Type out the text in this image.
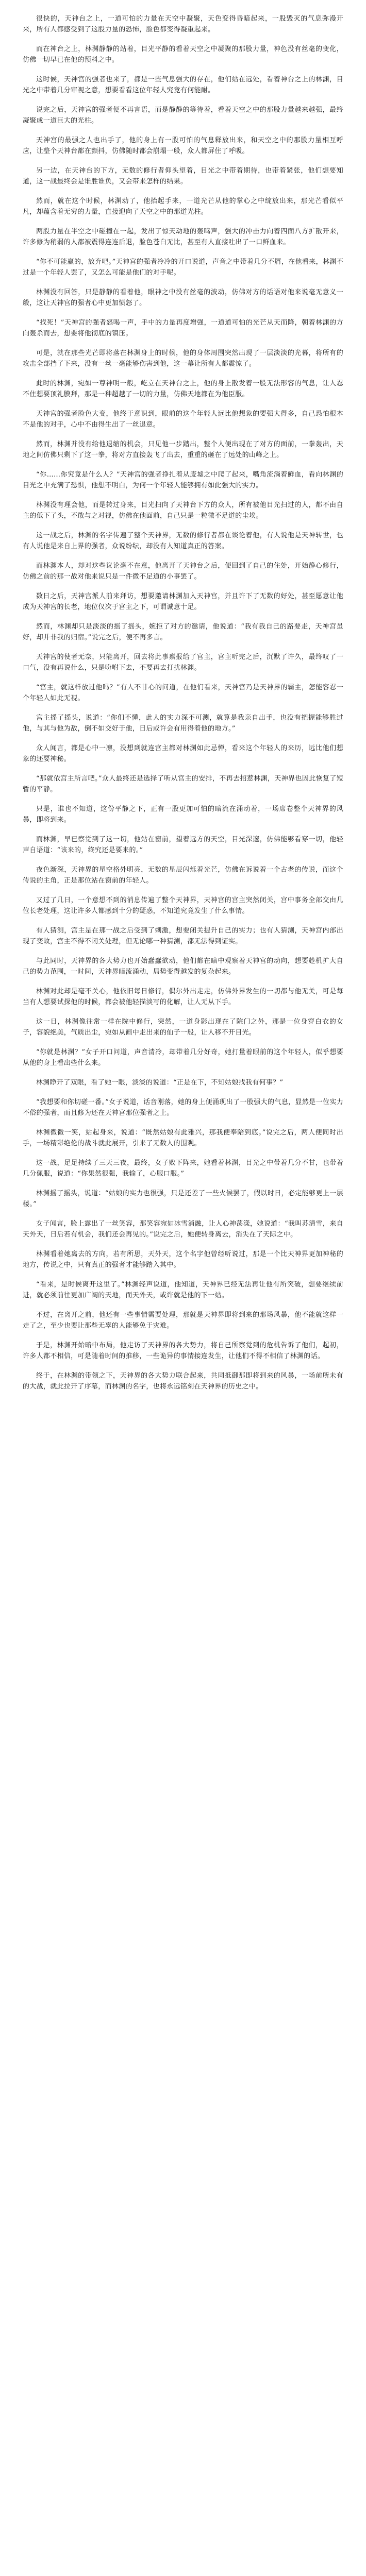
很快的，天神台之上，一道可怕的力量在天空中凝聚，天色变得昏暗起来，一股毁灭的气息弥漫开来，所有人都感受到了这股力量的恐怖，脸色都变得凝重起来。

而在神台之上，林渊静静的站着，目光平静的看着天空之中凝聚的那股力量，神色没有丝毫的变化，仿佛一切早已在他的预料之中。

这时候，天神宫的强者也来了，都是一些气息强大的存在，他们站在远处，看着神台之上的林渊，目光之中带着几分审视之意，想要看看这位年轻人究竟有何能耐。

说完之后，天神宫的强者便不再言语，而是静静的等待着，看着天空之中的那股力量越来越强，最终凝聚成一道巨大的光柱。

天神宫的最强之人也出手了，他的身上有一股可怕的气息释放出来，和天空之中的那股力量相互呼应，让整个天神台都在颤抖，仿佛随时都会崩塌一般，众人都屏住了呼吸。

另一边，在天神台的下方，无数的修行者仰头望着，目光之中带着期待，也带着紧张，他们想要知道，这一战最终会是谁胜谁负，又会带来怎样的结果。

然而，就在这个时候，林渊动了，他抬起手来，一道光芒从他的掌心之中绽放出来，那光芒看似平凡，却蕴含着无穷的力量，直接迎向了天空之中的那道光柱。

两股力量在半空之中碰撞在一起，发出了惊天动地的轰鸣声，强大的冲击力向着四面八方扩散开来，许多修为稍弱的人都被震得连连后退，脸色苍白无比，甚至有人直接吐出了一口鲜血来。

“你不可能赢的，放弃吧。”天神宫的强者冷冷的开口说道，声音之中带着几分不屑，在他看来，林渊不过是一个年轻人罢了，又怎么可能是他们的对手呢。

林渊没有回答，只是静静的看着他，眼神之中没有丝毫的波动，仿佛对方的话语对他来说毫无意义一般，这让天神宫的强者心中更加愤怒了。

“找死！”天神宫的强者怒喝一声，手中的力量再度增强，一道道可怕的光芒从天而降，朝着林渊的方向轰杀而去，想要将他彻底的镇压。

可是，就在那些光芒即将落在林渊身上的时候，他的身体周围突然出现了一层淡淡的光幕，将所有的攻击全部挡了下来，没有一丝一毫能够伤害到他，这一幕让所有人都震惊了。

此时的林渊，宛如一尊神明一般，屹立在天神台之上，他的身上散发着一股无法形容的气息，让人忍不住想要顶礼膜拜，那是一种超越了一切的力量，仿佛天地都在为他臣服。

天神宫的强者脸色大变，他终于意识到，眼前的这个年轻人远比他想象的要强大得多，自己恐怕根本不是他的对手，心中不由得生出了一丝退意。

然而，林渊并没有给他退缩的机会，只见他一步踏出，整个人便出现在了对方的面前，一拳轰出，天地之间仿佛只剩下了这一拳，将对方直接轰飞了出去，重重的砸在了远处的山峰之上。

“你……你究竟是什么人？”天神宫的强者挣扎着从废墟之中爬了起来，嘴角流淌着鲜血，看向林渊的目光之中充满了恐惧，他想不明白，为何一个年轻人能够拥有如此强大的实力。

林渊没有理会他，而是转过身来，目光扫向了天神台下方的众人，所有被他目光扫过的人，都不由自主的低下了头，不敢与之对视，仿佛在他面前，自己只是一粒微不足道的尘埃。

这一战之后，林渊的名字传遍了整个天神界，无数的修行者都在谈论着他，有人说他是天神转世，也有人说他是来自上界的强者，众说纷纭，却没有人知道真正的答案。

而林渊本人，却对这些议论毫不在意，他离开了天神台之后，便回到了自己的住处，开始静心修行，仿佛之前的那一战对他来说只是一件微不足道的小事罢了。

数日之后，天神宫派人前来拜访，想要邀请林渊加入天神宫，并且许下了无数的好处，甚至愿意让他成为天神宫的长老，地位仅次于宫主之下，可谓诚意十足。

然而，林渊却只是淡淡的摇了摇头，婉拒了对方的邀请，他说道：“我有我自己的路要走，天神宫虽好，却并非我的归宿。”说完之后，便不再多言。

天神宫的使者无奈，只能离开，回去将此事禀报给了宫主，宫主听完之后，沉默了许久，最终叹了一口气，没有再说什么，只是吩咐下去，不要再去打扰林渊。

“宫主，就这样放过他吗？”有人不甘心的问道，在他们看来，天神宫乃是天神界的霸主，怎能容忍一个年轻人如此无视。

宫主摇了摇头，说道：“你们不懂，此人的实力深不可测，就算是我亲自出手，也没有把握能够胜过他，与其与他为敌，倒不如交好于他，日后或许会有用得着他的地方。”

众人闻言，都是心中一凛，没想到就连宫主都对林渊如此忌惮，看来这个年轻人的来历，远比他们想象的还要神秘。

“那就依宫主所言吧。”众人最终还是选择了听从宫主的安排，不再去招惹林渊，天神界也因此恢复了短暂的平静。

只是，谁也不知道，这份平静之下，正有一股更加可怕的暗流在涌动着，一场席卷整个天神界的风暴，即将到来。

而林渊，早已察觉到了这一切，他站在窗前，望着远方的天空，目光深邃，仿佛能够看穿一切，他轻声自语道：“该来的，终究还是要来的。”

夜色渐深，天神界的星空格外明亮，无数的星辰闪烁着光芒，仿佛在诉说着一个古老的传说，而这个传说的主角，正是那位站在窗前的年轻人。

又过了几日，一个意想不到的消息传遍了整个天神界，天神宫的宫主突然闭关，宫中事务全部交由几位长老处理，这让许多人都感到十分的疑惑，不知道究竟发生了什么事情。

有人猜测，宫主是在那一战之后受到了刺激，想要闭关提升自己的实力；也有人猜测，天神宫内部出现了变故，宫主不得不闭关处理，但无论哪一种猜测，都无法得到证实。

与此同时，天神界的各大势力也开始蠢蠢欲动，他们都在暗中观察着天神宫的动向，想要趁机扩大自己的势力范围，一时间，天神界暗流涌动，局势变得越发的复杂起来。

林渊对此却是毫不关心，他依旧每日修行，偶尔外出走走，仿佛外界发生的一切都与他无关，可是每当有人想要试探他的时候，都会被他轻描淡写的化解，让人无从下手。

这一日，林渊像往常一样在院中修行，突然，一道身影出现在了院门之外，那是一位身穿白衣的女子，容貌绝美，气质出尘，宛如从画中走出来的仙子一般，让人移不开目光。

“你就是林渊？”女子开口问道，声音清冷，却带着几分好奇，她打量着眼前的这个年轻人，似乎想要从他的身上看出些什么来。

林渊睁开了双眼，看了她一眼，淡淡的说道：“正是在下，不知姑娘找我有何事？”

“我想要和你切磋一番。”女子说道，话音刚落，她的身上便涌现出了一股强大的气息，显然是一位实力不俗的强者，而且修为还在天神宫那位强者之上。

林渊微微一笑，站起身来，说道：“既然姑娘有此雅兴，那我便奉陪到底。”说完之后，两人便同时出手，一场精彩绝伦的战斗就此展开，引来了无数人的围观。

这一战，足足持续了三天三夜，最终，女子败下阵来，她看着林渊，目光之中带着几分不甘，也带着几分佩服，说道：“你果然很强，我输了，心服口服。”

林渊摇了摇头，说道：“姑娘的实力也很强，只是还差了一些火候罢了，假以时日，必定能够更上一层楼。”

女子闻言，脸上露出了一丝笑容，那笑容宛如冰雪消融，让人心神荡漾，她说道：“我叫苏清雪，来自天外天，日后若有机会，我们还会再见的。”说完之后，她便转身离去，消失在了天际之中。

林渊看着她离去的方向，若有所思，天外天，这个名字他曾经听说过，那是一个比天神界更加神秘的地方，传说之中，只有真正的强者才能够踏入其中。

“看来，是时候离开这里了。”林渊轻声说道，他知道，天神界已经无法再让他有所突破，想要继续前进，就必须前往更加广阔的天地，而天外天，或许就是他的下一站。

不过，在离开之前，他还有一些事情需要处理，那就是天神界即将到来的那场风暴，他不能就这样一走了之，至少也要让那些无辜的人能够免于灾难。

于是，林渊开始暗中布局，他走访了天神界的各大势力，将自己所察觉到的危机告诉了他们，起初，许多人都不相信，可是随着时间的推移，一些诡异的事情接连发生，让他们不得不相信了林渊的话。

终于，在林渊的带领之下，天神界的各大势力联合起来，共同抵御那即将到来的风暴，一场前所未有的大战，就此拉开了序幕，而林渊的名字，也将永远铭刻在天神界的历史之中。
